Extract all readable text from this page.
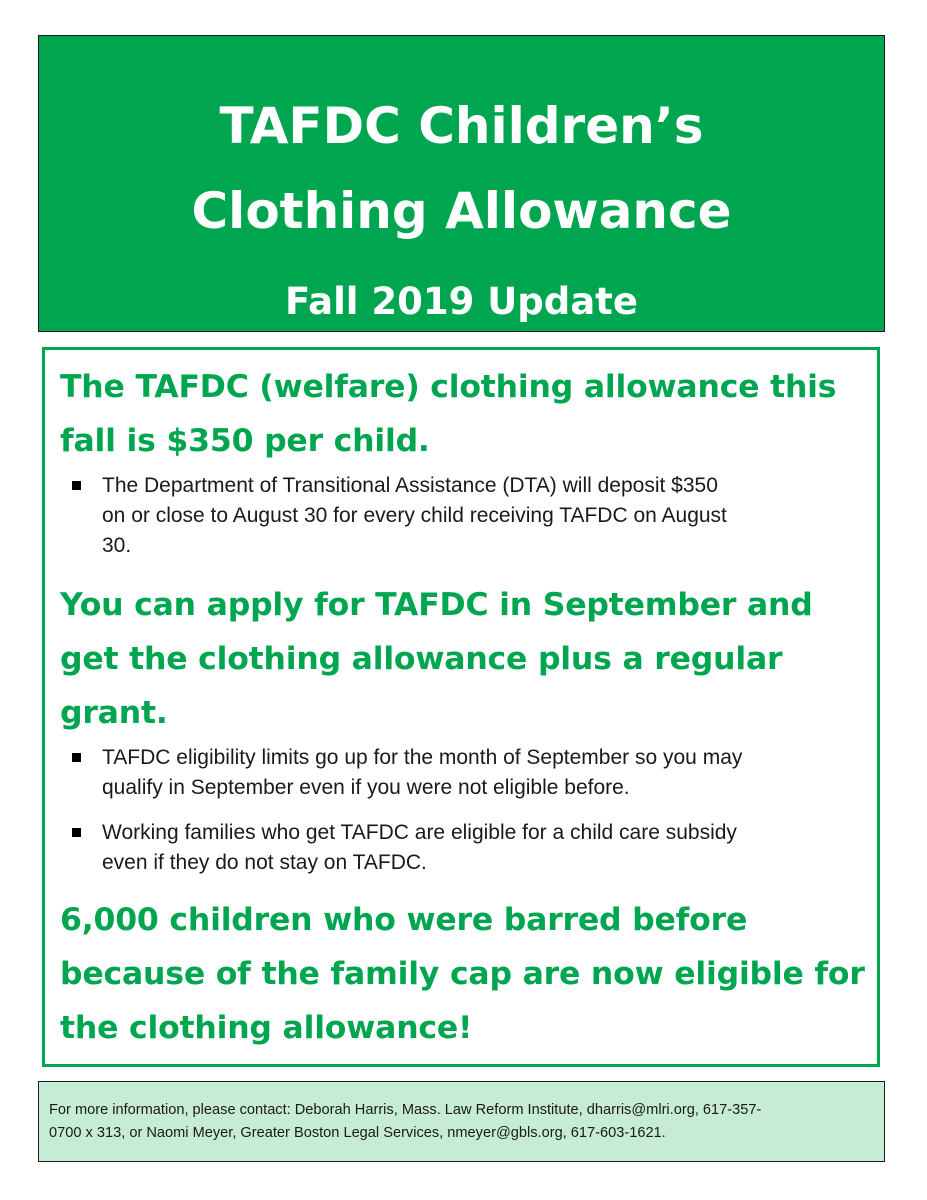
TAFDC Children’s
Clothing Allowance
Fall 2019 Update
The TAFDC (welfare) clothing allowance this
fall is $350 per child.
The Department of Transitional Assistance (DTA) will deposit $350
on or close to August 30 for every child receiving TAFDC on August
30.
You can apply for TAFDC in September and
get the clothing allowance plus a regular
grant.
TAFDC eligibility limits go up for the month of September so you may
qualify in September even if you were not eligible before.
Working families who get TAFDC are eligible for a child care subsidy
even if they do not stay on TAFDC.
6,000 children who were barred before
because of the family cap are now eligible for
the clothing allowance!

For more information, please contact: Deborah Harris, Mass. Law Reform Institute, dharris@mlri.org, 617-357-
0700 x 313, or Naomi Meyer, Greater Boston Legal Services, nmeyer@gbls.org, 617-603-1621.
